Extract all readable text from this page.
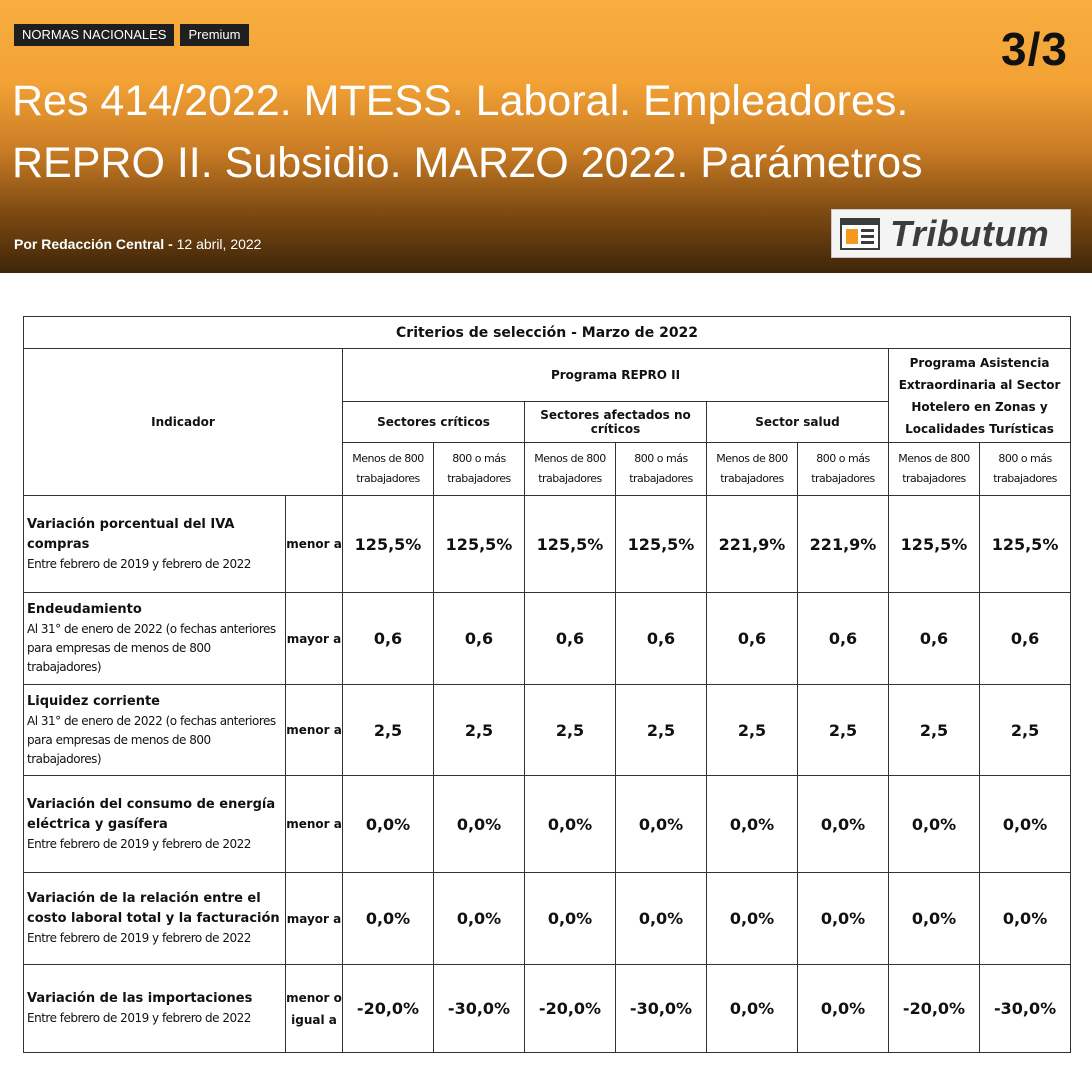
NORMAS NACIONALES	Premium	3/3
Res 414/2022. MTESS. Laboral. Empleadores.
REPRO II. Subsidio. MARZO 2022. Parámetros
Por Redacción Central - 12 abril, 2022	Tributum
Criterios de selección - Marzo de 2022									
Indicador		Programa REPRO II						Programa Asistencia Extraordinaria al Sector Hotelero en Zonas y Localidades Turísticas	
		Sectores críticos		Sectores afectados no críticos		Sector salud			
		Menos de 800 trabajadores	800 o más trabajadores	Menos de 800 trabajadores	800 o más trabajadores	Menos de 800 trabajadores	800 o más trabajadores	Menos de 800 trabajadores	800 o más trabajadores

Variación porcentual del IVA compras
Entre febrero de 2019 y febrero de 2022	menor a	125,5%	125,5%	125,5%	125,5%	221,9%	221,9%	125,5%	125,5%

Endeudamiento
Al 31° de enero de 2022 (o fechas anteriores para empresas de menos de 800 trabajadores)	mayor a	0,6	0,6	0,6	0,6	0,6	0,6	0,6	0,6

Liquidez corriente
Al 31° de enero de 2022 (o fechas anteriores para empresas de menos de 800 trabajadores)	menor a	2,5	2,5	2,5	2,5	2,5	2,5	2,5	2,5

Variación del consumo de energía eléctrica y gasífera
Entre febrero de 2019 y febrero de 2022	menor a	0,0%	0,0%	0,0%	0,0%	0,0%	0,0%	0,0%	0,0%

Variación de la relación entre el costo laboral total y la facturación
Entre febrero de 2019 y febrero de 2022	mayor a	0,0%	0,0%	0,0%	0,0%	0,0%	0,0%	0,0%	0,0%

Variación de las importaciones
Entre febrero de 2019 y febrero de 2022	menor o igual a	-20,0%	-30,0%	-20,0%	-30,0%	0,0%	0,0%	-20,0%	-30,0%
